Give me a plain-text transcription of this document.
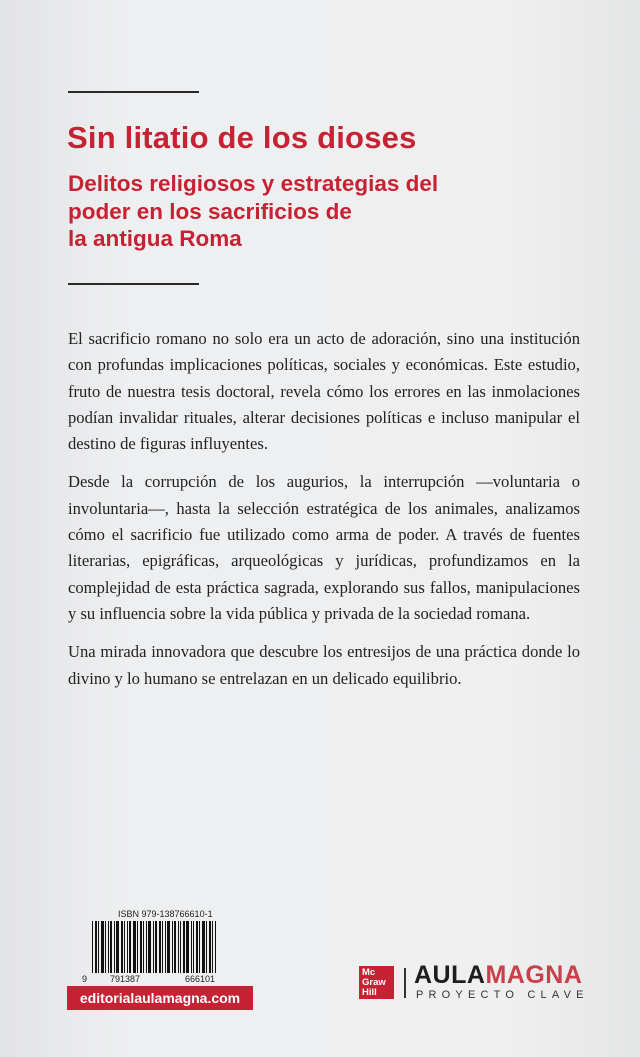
Sin litatio de los dioses
Delitos religiosos y estrategias del
poder en los sacrificios de
la antigua Roma

El sacrificio romano no solo era un acto de adoración, sino una institución con profundas implicaciones políticas, sociales y económicas. Este estudio, fruto de nuestra tesis doctoral, revela cómo los errores en las inmolaciones podían invalidar rituales, alterar decisiones políticas e incluso manipular el destino de figuras influyentes.

Desde la corrupción de los augurios, la interrupción —voluntaria o involuntaria—, hasta la selección estratégica de los animales, analizamos cómo el sacrificio fue utilizado como arma de poder. A través de fuentes literarias, epigráficas, arqueológicas y jurídicas, profundizamos en la complejidad de esta práctica sagrada, explorando sus fallos, manipulaciones y su influencia sobre la vida pública y privada de la sociedad romana.

Una mirada innovadora que descubre los entresijos de una práctica donde lo divino y lo humano se entrelazan en un delicado equilibrio.

ISBN 979-138766610-1
9	791387	666101
editorialaulamagna.com
Mc
Graw
Hill
AULAMAGNA
PROYECTO CLAVE
